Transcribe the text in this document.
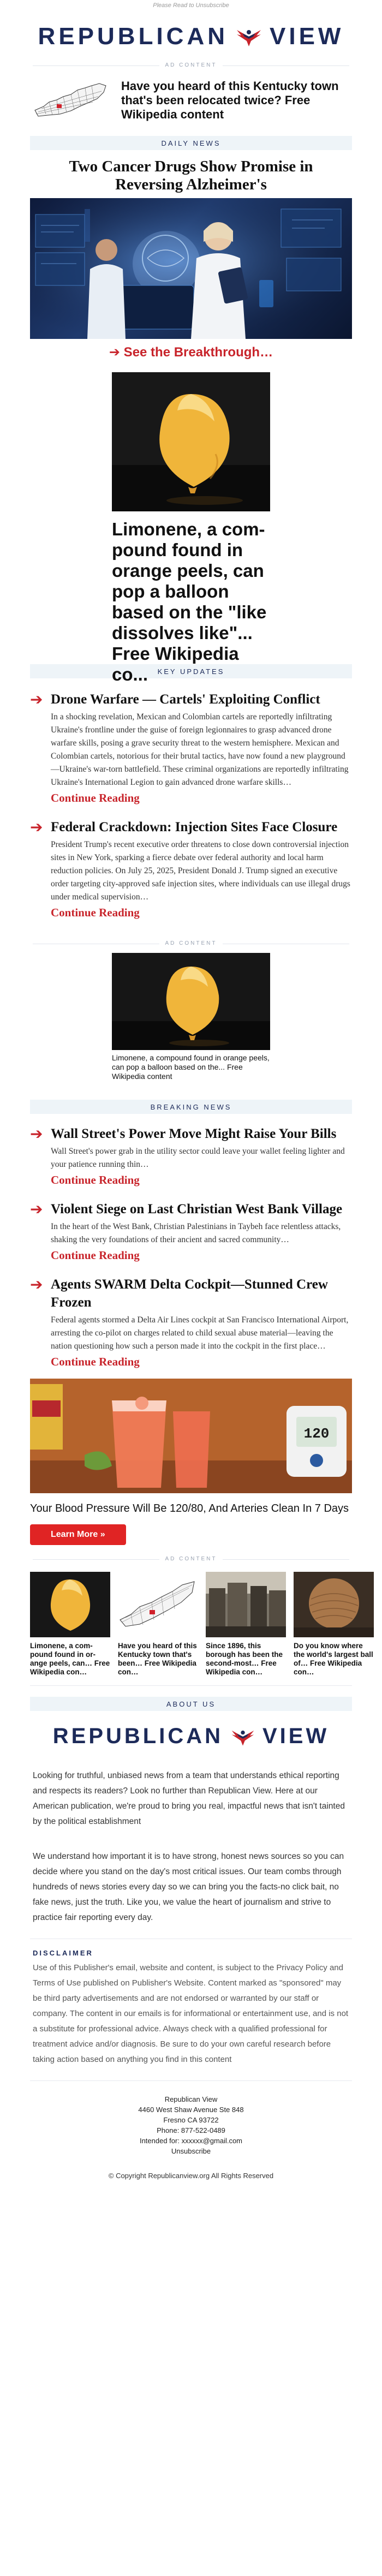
Please Read to Unsubscribe
REPUBLICAN VIEW
AD CONTENT
Have you heard of this Kentucky town that's been relocated twice? Free Wikipedia content
DAILY NEWS
Two Cancer Drugs Show Promise in Reversing Alzheimer's
➔ See the Breakthrough…
Limonene, a com-pound found in orange peels, can pop a balloon based on the "like dissolves like"... Free Wikipedia co...	KEY UPDATES
➔ Drone Warfare — Cartels' Exploiting Conflict

In a shocking revelation, Mexican and Colombian cartels are reportedly infiltrating Ukraine's frontline under the guise of foreign legionnaires to grasp advanced drone warfare skills, posing a grave security threat to the western hemisphere. Mexican and Colombian cartels, notorious for their brutal tactics, have now found a new playground—Ukraine's war-torn battlefield. These criminal organizations are reportedly infiltrating Ukraine's International Legion to gain advanced drone warfare skills…

Continue Reading
➔ Federal Crackdown: Injection Sites Face Closure

President Trump's recent executive order threatens to close down controversial injection sites in New York, sparking a fierce debate over federal authority and local harm reduction policies. On July 25, 2025, President Donald J. Trump signed an executive order targeting city-approved safe injection sites, where individuals can use illegal drugs under medical supervision…

Continue Reading
AD CONTENT
Limonene, a compound found in orange peels, can pop a balloon based on the... Free Wikipedia content
BREAKING NEWS
➔ Wall Street's Power Move Might Raise Your Bills

Wall Street's power grab in the utility sector could leave your wallet feeling lighter and your patience running thin…

Continue Reading
➔ Violent Siege on Last Christian West Bank Village

In the heart of the West Bank, Christian Palestinians in Taybeh face relentless attacks, shaking the very foundations of their ancient and sacred community…

Continue Reading
➔ Agents SWARM Delta Cockpit—Stunned Crew Frozen

Federal agents stormed a Delta Air Lines cockpit at San Francisco International Airport, arresting the co-pilot on charges related to child sexual abuse material—leaving the nation questioning how such a person made it into the cockpit in the first place…

Continue Reading
120
Your Blood Pressure Will Be 120/80, And Arteries Clean In 7 Days
Learn More »
AD CONTENT
Limonene, a com-pound found in or-ange peels, can… Free Wikipedia con…
Have you heard of this Kentucky town that's been… Free Wikipedia con…
Since 1896, this borough has been the second-most… Free Wikipedia con…
Do you know where the world's largest ball of… Free Wikipedia con…
ABOUT US
REPUBLICAN VIEW

Looking for truthful, unbiased news from a team that understands ethical reporting and respects its readers? Look no further than Republican View. Here at our American publication, we're proud to bring you real, impactful news that isn't tainted by the political establishment

We understand how important it is to have strong, honest news sources so you can decide where you stand on the day's most critical issues. Our team combs through hundreds of news stories every day so we can bring you the facts-no click bait, no fake news, just the truth. Like you, we value the heart of journalism and strive to practice fair reporting every day.

DISCLAIMER

Use of this Publisher's email, website and content, is subject to the Privacy Policy and Terms of Use published on Publisher's Website. Content marked as "sponsored" may be third party advertisements and are not endorsed or warranted by our staff or company. The content in our emails is for informational or entertainment use, and is not a substitute for professional advice. Always check with a qualified professional for treatment advice and/or diagnosis. Be sure to do your own careful research before taking action based on anything you find in this content

Republican View
4460 West Shaw Avenue Ste 848
Fresno CA 93722
Phone: 877-522-0489
Intended for: xxxxxx@gmail.com
Unsubscribe
© Copyright Republicanview.org All Rights Reserved
